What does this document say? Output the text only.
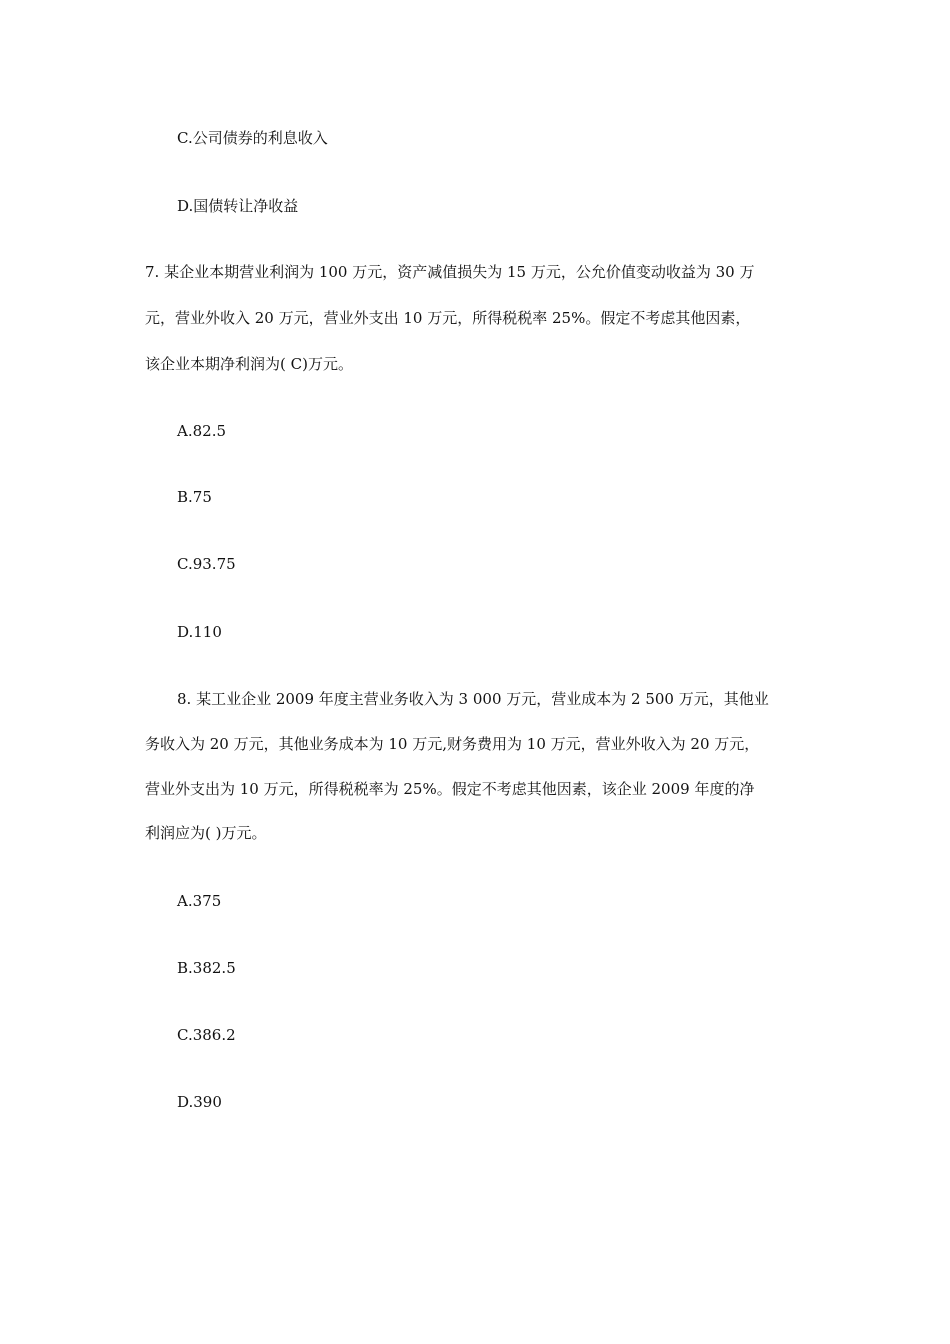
C.公司债券的利息收入
D.国债转让净收益
7. 某企业本期营业利润为 100 万元，资产减值损失为 15 万元，公允价值变动收益为 30 万
元，营业外收入 20 万元，营业外支出 10 万元，所得税税率 25%。假定不考虑其他因素，
该企业本期净利润为( C)万元。
A.82.5
B.75
C.93.75
D.110
8. 某工业企业 2009 年度主营业务收入为 3 000 万元，营业成本为 2 500 万元，其他业
务收入为 20 万元，其他业务成本为 10 万元,财务费用为 10 万元，营业外收入为 20 万元，
营业外支出为 10 万元，所得税税率为 25%。假定不考虑其他因素，该企业 2009 年度的净
利润应为( )万元。
A.375
B.382.5
C.386.2
D.390
